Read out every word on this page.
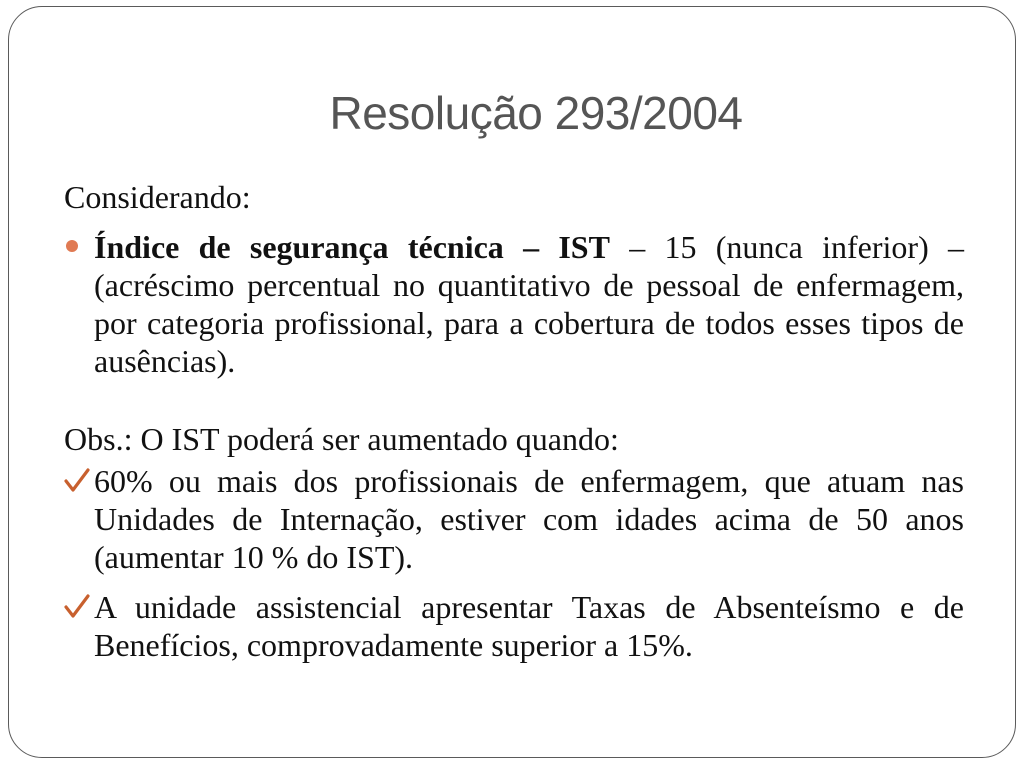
Resolução 293/2004

Considerando:

Índice de segurança técnica – IST – 15 (nunca inferior) – (acréscimo percentual no quantitativo de pessoal de enfermagem, por categoria profissional, para a cobertura de todos esses tipos de ausências).

Obs.: O IST poderá ser aumentado quando:

60% ou mais dos profissionais de enfermagem, que atuam nas Unidades de Internação, estiver com idades acima de 50 anos (aumentar 10 % do IST).
A unidade assistencial apresentar Taxas de Absenteísmo e de Benefícios, comprovadamente superior a 15%.
